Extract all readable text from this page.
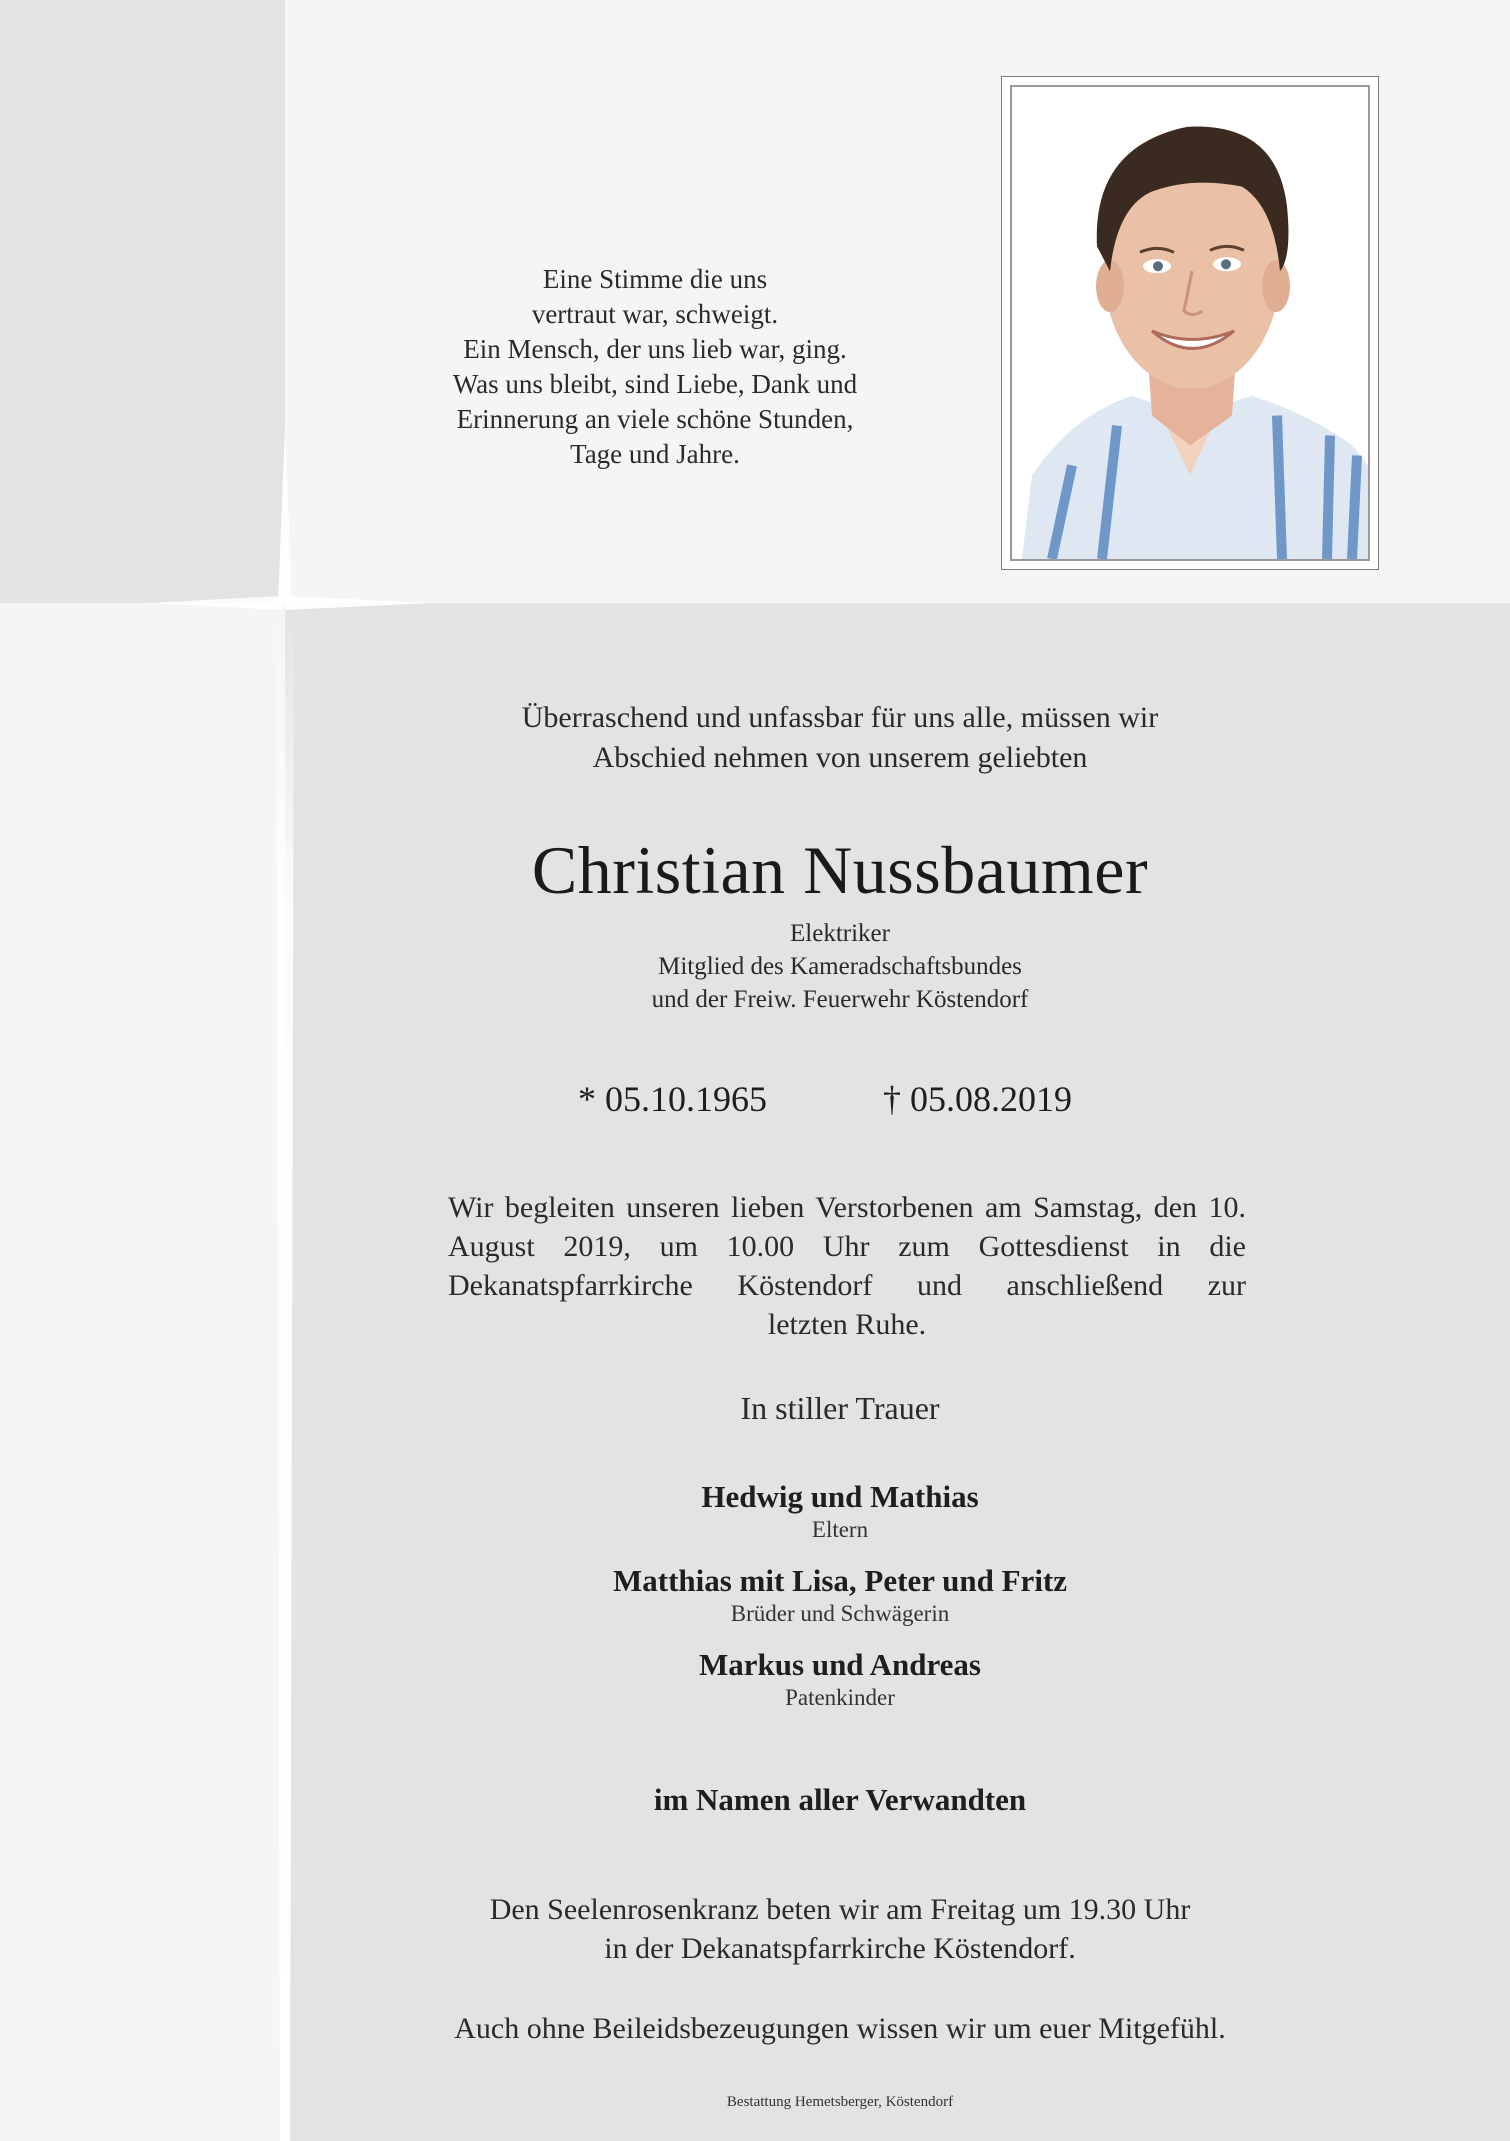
Eine Stimme die uns
vertraut war, schweigt.
Ein Mensch, der uns lieb war, ging.
Was uns bleibt, sind Liebe, Dank und
Erinnerung an viele schöne Stunden,
Tage und Jahre.
Überraschend und unfassbar für uns alle, müssen wir
Abschied nehmen von unserem geliebten
Christian Nussbaumer
Elektriker
Mitglied des Kameradschaftsbundes
und der Freiw. Feuerwehr Köstendorf
* 05.10.1965	† 05.08.2019
Wir begleiten unseren lieben Verstorbenen am Samstag, den 10. August 2019, um 10.00 Uhr zum Gottesdienst in die Dekanatspfarrkirche Köstendorf und anschließend zur
letzten Ruhe.
In stiller Trauer
Hedwig und Mathias
Eltern
Matthias mit Lisa, Peter und Fritz
Brüder und Schwägerin
Markus und Andreas
Patenkinder
im Namen aller Verwandten
Den Seelenrosenkranz beten wir am Freitag um 19.30 Uhr
in der Dekanatspfarrkirche Köstendorf.
Auch ohne Beileidsbezeugungen wissen wir um euer Mitgefühl.
Bestattung Hemetsberger, Köstendorf
